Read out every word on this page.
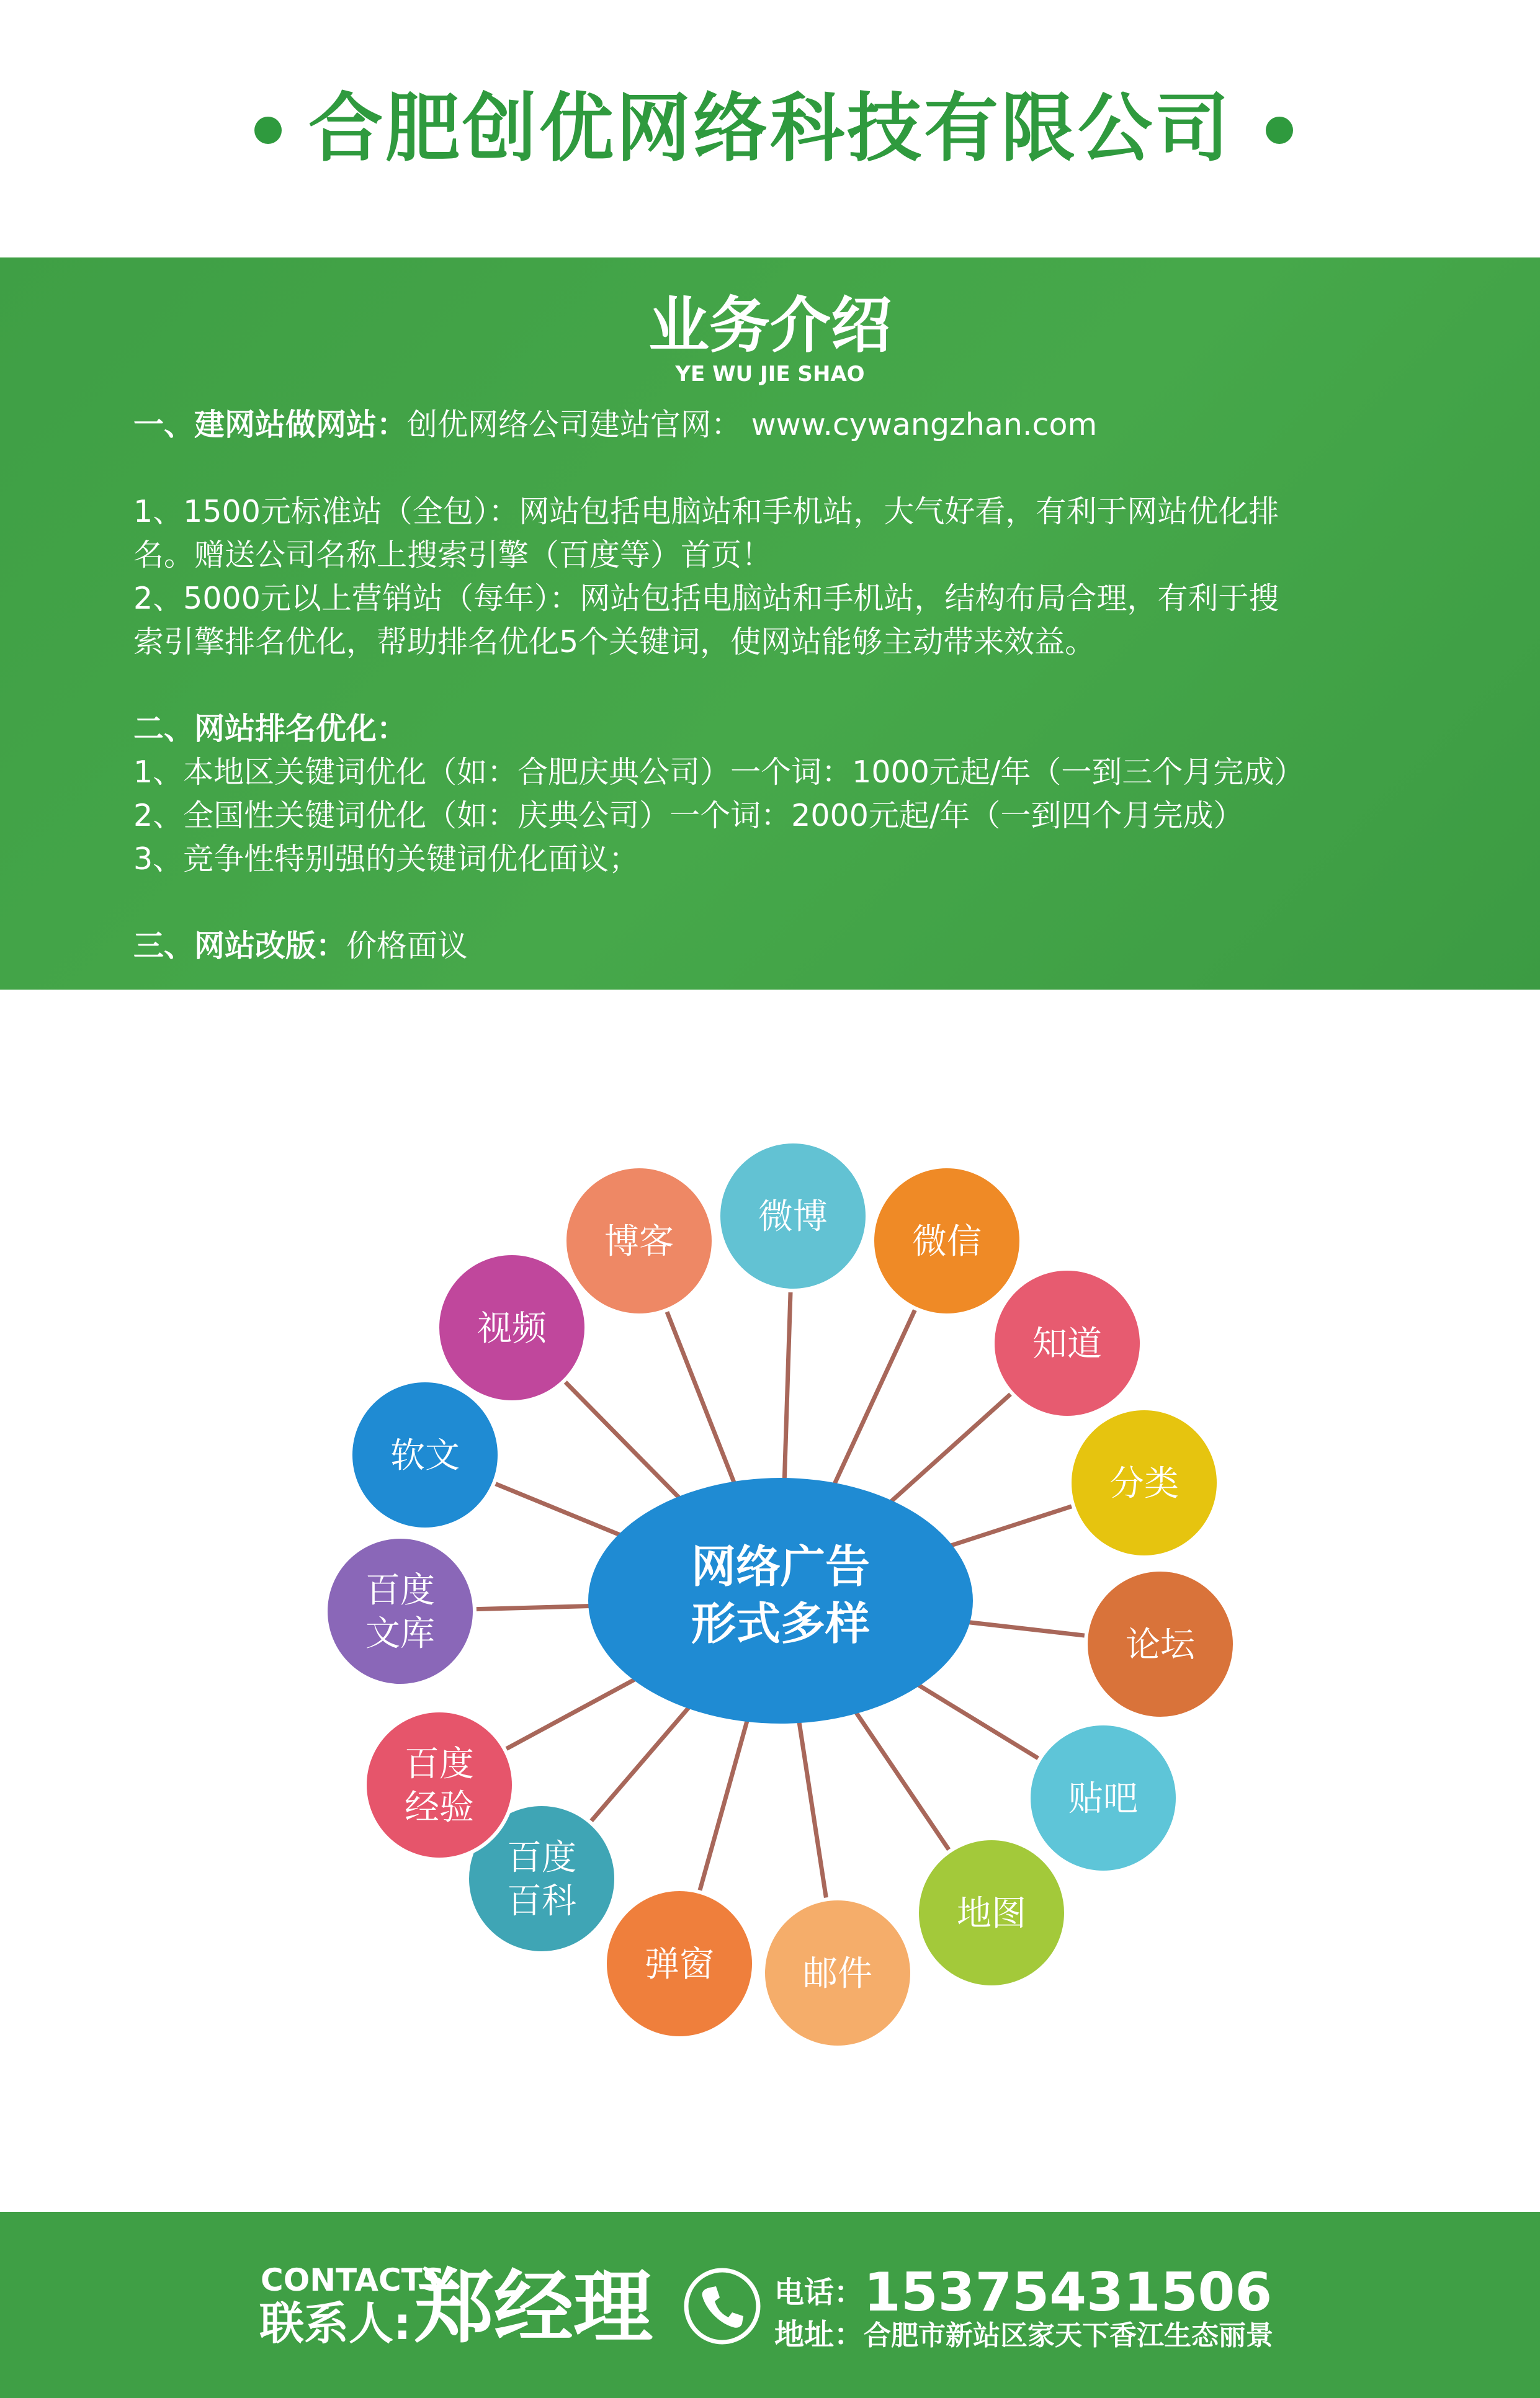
合肥创优网络科技有限公司
业务介绍
YE WU JIE SHAO

一、建网站做网站：创优网络公司建站官网： www.cywangzhan.com

1、1500元标准站（全包）：网站包括电脑站和手机站，大气好看，有利于网站优化排

名。赠送公司名称上搜索引擎（百度等）首页！

2、5000元以上营销站（每年）：网站包括电脑站和手机站，结构布局合理，有利于搜

索引擎排名优化，帮助排名优化5个关键词，使网站能够主动带来效益。

二、网站排名优化：

1、本地区关键词优化（如：合肥庆典公司）一个词：1000元起/年（一到三个月完成）

2、全国性关键词优化（如：庆典公司）一个词：2000元起/年（一到四个月完成）

3、竞争性特别强的关键词优化面议；

三、网站改版：价格面议

网络广告
形式多样
微博
微信
知道
分类
论坛
贴吧
地图
邮件
弹窗
百度
百科
百度
经验
百度
文库
软文
视频
博客
CONTACTS
联系人: 郑经理	电话： 15375431506
地址： 合肥市新站区家天下香江生态丽景
